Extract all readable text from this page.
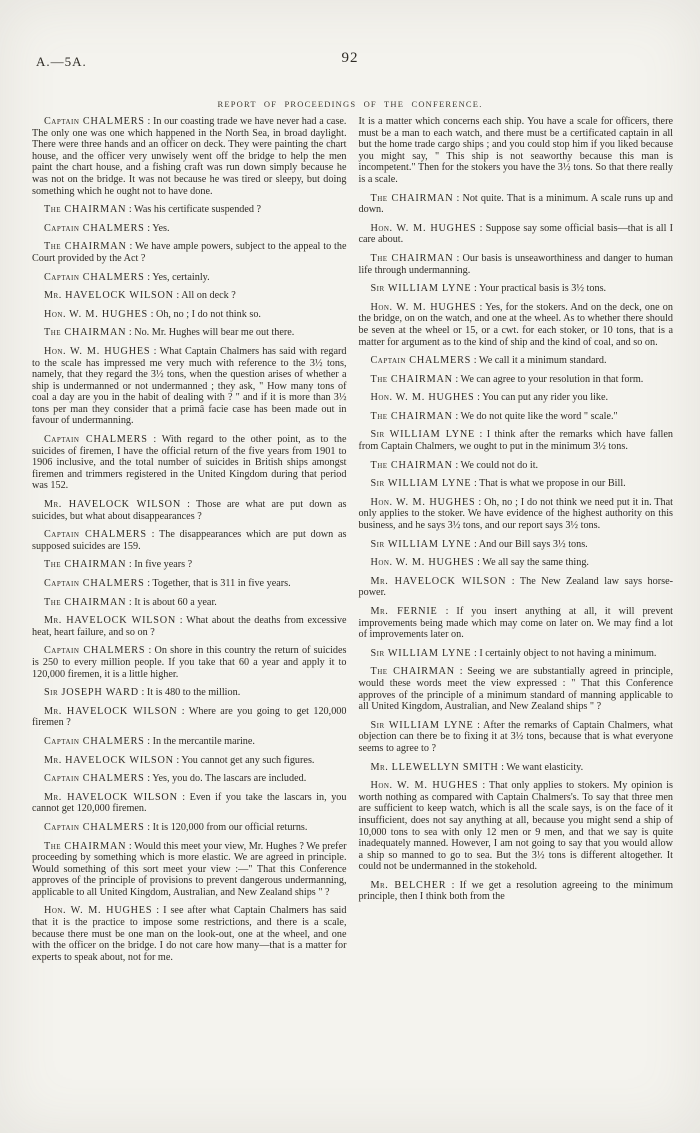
A.—5A.	92
REPORT OF PROCEEDINGS OF THE CONFERENCE.

Captain CHALMERS : In our coasting trade we have never had a case. The only one was one which happened in the North Sea, in broad daylight. There were three hands and an officer on deck. They were painting the chart house, and the officer very unwisely went off the bridge to help the men paint the chart house, and a fishing craft was run down simply because he was not on the bridge. It was not because he was tired or sleepy, but doing something which he ought not to have done.

The CHAIRMAN : Was his certificate suspended ?

Captain CHALMERS : Yes.

The CHAIRMAN : We have ample powers, subject to the appeal to the Court provided by the Act ?

Captain CHALMERS : Yes, certainly.

Mr. HAVELOCK WILSON : All on deck ?

Hon. W. M. HUGHES : Oh, no ; I do not think so.

The CHAIRMAN : No. Mr. Hughes will bear me out there.

Hon. W. M. HUGHES : What Captain Chalmers has said with regard to the scale has impressed me very much with reference to the 3½ tons, namely, that they regard the 3½ tons, when the question arises of whether a ship is undermanned or not undermanned ; they ask, " How many tons of coal a day are you in the habit of dealing with ? " and if it is more than 3½ tons per man they consider that a primâ facie case has been made out in favour of undermanning.

Captain CHALMERS : With regard to the other point, as to the suicides of firemen, I have the official return of the five years from 1901 to 1906 inclusive, and the total number of suicides in British ships amongst firemen and trimmers registered in the United Kingdom during that period was 152.

Mr. HAVELOCK WILSON : Those are what are put down as suicides, but what about disappearances ?

Captain CHALMERS : The disappearances which are put down as supposed suicides are 159.

The CHAIRMAN : In five years ?

Captain CHALMERS : Together, that is 311 in five years.

The CHAIRMAN : It is about 60 a year.

Mr. HAVELOCK WILSON : What about the deaths from excessive heat, heart failure, and so on ?

Captain CHALMERS : On shore in this country the return of suicides is 250 to every million people. If you take that 60 a year and apply it to 120,000 firemen, it is a little higher.

Sir JOSEPH WARD : It is 480 to the million.

Mr. HAVELOCK WILSON : Where are you going to get 120,000 firemen ?

Captain CHALMERS : In the mercantile marine.

Mr. HAVELOCK WILSON : You cannot get any such figures.

Captain CHALMERS : Yes, you do. The lascars are included.

Mr. HAVELOCK WILSON : Even if you take the lascars in, you cannot get 120,000 firemen.

Captain CHALMERS : It is 120,000 from our official returns.

The CHAIRMAN : Would this meet your view, Mr. Hughes ? We prefer proceeding by something which is more elastic. We are agreed in principle. Would something of this sort meet your view :—" That this Conference approves of the principle of provisions to prevent dangerous undermanning, applicable to all United Kingdom, Australian, and New Zealand ships " ?

Hon. W. M. HUGHES : I see after what Captain Chalmers has said that it is the practice to impose some restrictions, and there is a scale, because there must be one man on the look-out, one at the wheel, and one with the officer on the bridge. I do not care how many—that is a matter for experts to speak about, not for me.

It is a matter which concerns each ship. You have a scale for officers, there must be a man to each watch, and there must be a certificated captain in all but the home trade cargo ships ; and you could stop him if you liked because you might say, " This ship is not seaworthy because this man is incompetent." Then for the stokers you have the 3½ tons. So that there really is a scale.

The CHAIRMAN : Not quite. That is a minimum. A scale runs up and down.

Hon. W. M. HUGHES : Suppose say some official basis—that is all I care about.

The CHAIRMAN : Our basis is unseaworthiness and danger to human life through undermanning.

Sir WILLIAM LYNE : Your practical basis is 3½ tons.

Hon. W. M. HUGHES : Yes, for the stokers. And on the deck, one on the bridge, on on the watch, and one at the wheel. As to whether there should be seven at the wheel or 15, or a cwt. for each stoker, or 10 tons, that is a matter for argument as to the kind of ship and the kind of coal, and so on.

Captain CHALMERS : We call it a minimum standard.

The CHAIRMAN : We can agree to your resolution in that form.

Hon. W. M. HUGHES : You can put any rider you like.

The CHAIRMAN : We do not quite like the word " scale."

Sir WILLIAM LYNE : I think after the remarks which have fallen from Captain Chalmers, we ought to put in the minimum 3½ tons.

The CHAIRMAN : We could not do it.

Sir WILLIAM LYNE : That is what we propose in our Bill.

Hon. W. M. HUGHES : Oh, no ; I do not think we need put it in. That only applies to the stoker. We have evidence of the highest authority on this business, and he says 3½ tons, and our report says 3½ tons.

Sir WILLIAM LYNE : And our Bill says 3½ tons.

Hon. W. M. HUGHES : We all say the same thing.

Mr. HAVELOCK WILSON : The New Zealand law says horse-power.

Mr. FERNIE : If you insert anything at all, it will prevent improvements being made which may come on later on. We may find a lot of improvements later on.

Sir WILLIAM LYNE : I certainly object to not having a minimum.

The CHAIRMAN : Seeing we are substantially agreed in principle, would these words meet the view expressed : " That this Conference approves of the principle of a minimum standard of manning applicable to all United Kingdom, Australian, and New Zealand ships " ?

Sir WILLIAM LYNE : After the remarks of Captain Chalmers, what objection can there be to fixing it at 3½ tons, because that is what everyone seems to agree to ?

Mr. LLEWELLYN SMITH : We want elasticity.

Hon. W. M. HUGHES : That only applies to stokers. My opinion is worth nothing as compared with Captain Chalmers's. To say that three men are sufficient to keep watch, which is all the scale says, is on the face of it insufficient, does not say anything at all, because you might send a ship of 10,000 tons to sea with only 12 men or 9 men, and that we say is quite inadequately manned. However, I am not going to say that you would allow a ship so manned to go to sea. But the 3½ tons is different altogether. It could not be undermanned in the stokehold.

Mr. BELCHER : If we get a resolution agreeing to the minimum principle, then I think both from the
